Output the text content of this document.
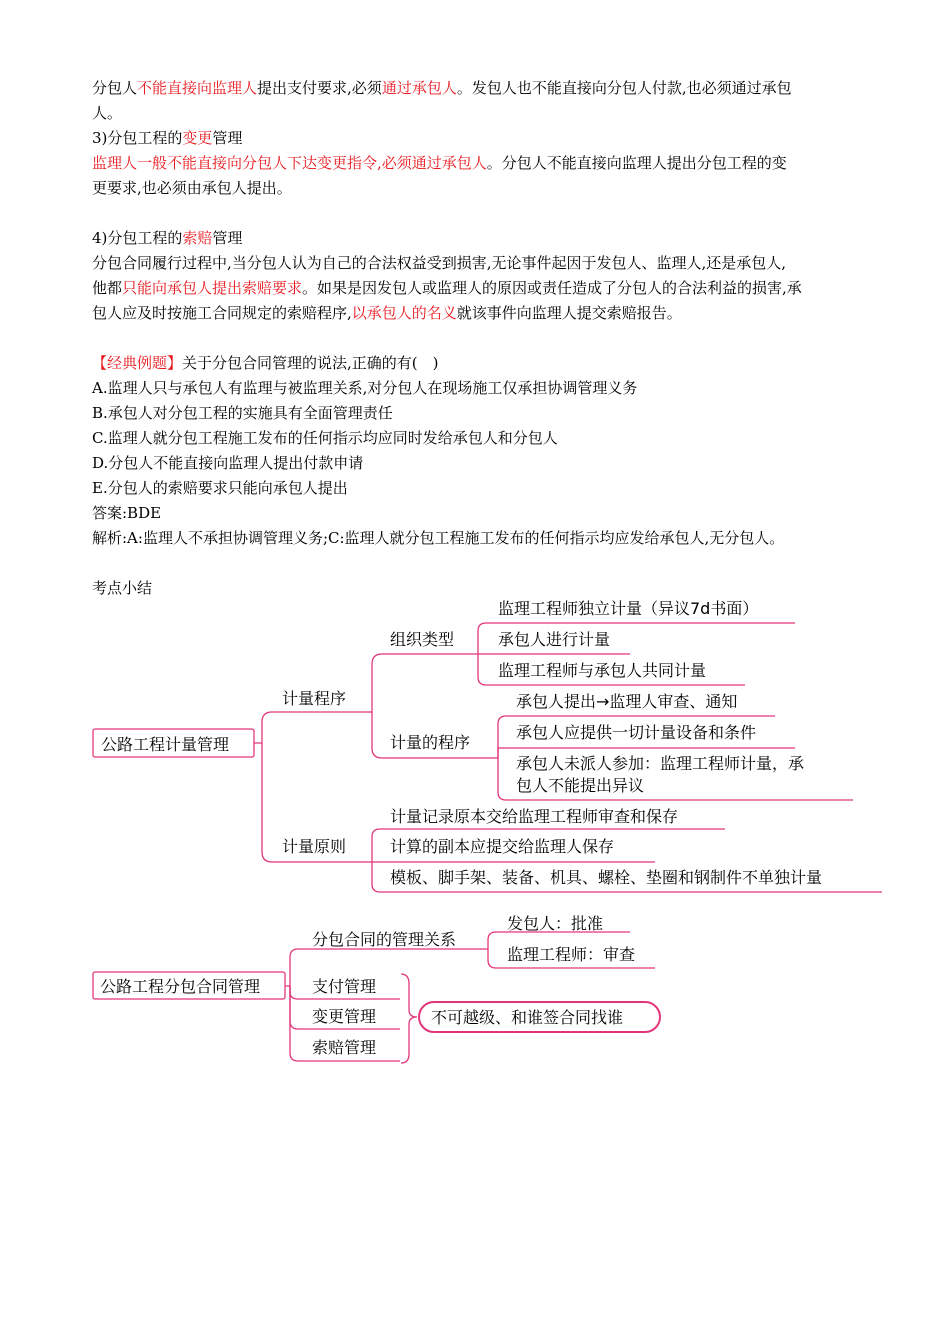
分包人不能直接向监理人提出支付要求,必须通过承包人。发包人也不能直接向分包人付款,也必须通过承包
人。
3)分包工程的变更管理
监理人一般不能直接向分包人下达变更指令,必须通过承包人。分包人不能直接向监理人提出分包工程的变
更要求,也必须由承包人提出。
4)分包工程的索赔管理
分包合同履行过程中,当分包人认为自己的合法权益受到损害,无论事件起因于发包人、监理人,还是承包人,
他都只能向承包人提出索赔要求。如果是因发包人或监理人的原因或责任造成了分包人的合法利益的损害,承
包人应及时按施工合同规定的索赔程序,以承包人的名义就该事件向监理人提交索赔报告。
【经典例题】关于分包合同管理的说法,正确的有(　)
A.监理人只与承包人有监理与被监理关系,对分包人在现场施工仅承担协调管理义务
B.承包人对分包工程的实施具有全面管理责任
C.监理人就分包工程施工发布的任何指示均应同时发给承包人和分包人
D.分包人不能直接向监理人提出付款申请
E.分包人的索赔要求只能向承包人提出
答案:BDE
解析:A:监理人不承担协调管理义务;C:监理人就分包工程施工发布的任何指示均应发给承包人,无分包人。
考点小结
公路工程计量管理
计量程序
组织类型
监理工程师独立计量（异议7d书面）
承包人进行计量
监理工程师与承包人共同计量
计量的程序
承包人提出→监理人审查、通知
承包人应提供一切计量设备和条件
承包人未派人参加：监理工程师计量，承
包人不能提出异议
计量原则
计量记录原本交给监理工程师审查和保存
计算的副本应提交给监理人保存
模板、脚手架、装备、机具、螺栓、垫圈和钢制件不单独计量
公路工程分包合同管理
分包合同的管理关系
发包人：批准
监理工程师：审查
支付管理
变更管理
索赔管理
不可越级、和谁签合同找谁
